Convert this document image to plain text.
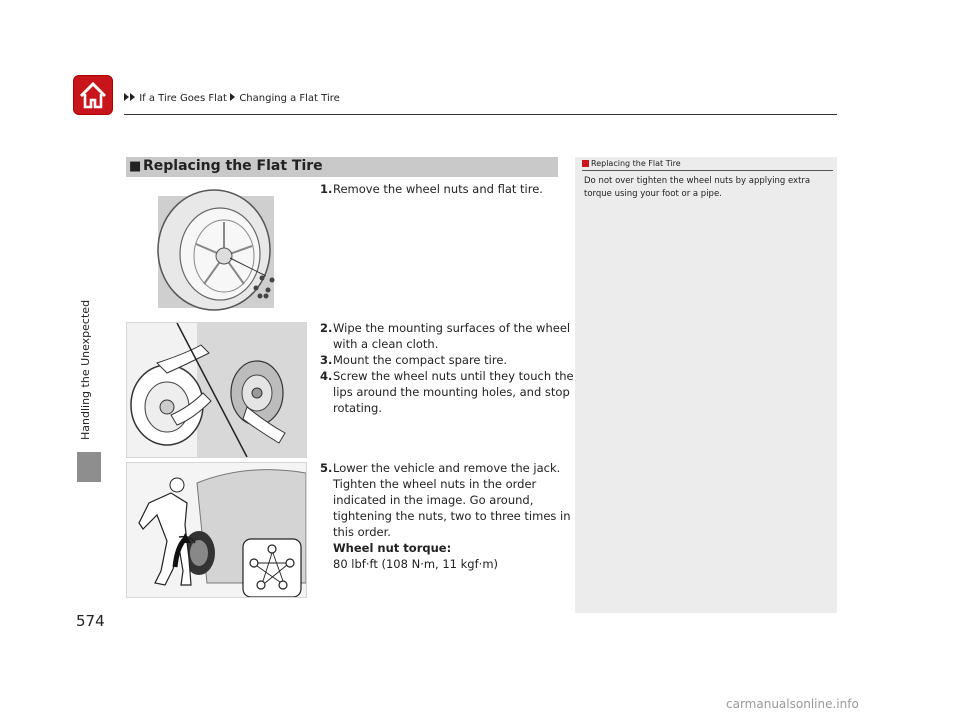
If a Tire Goes Flat Changing a Flat Tire
Handling the Unexpected
574
■ Replacing the Flat Tire
1. Remove the wheel nuts and flat tire.
2. Wipe the mounting surfaces of the wheel
with a clean cloth.
3. Mount the compact spare tire.
4. Screw the wheel nuts until they touch the
lips around the mounting holes, and stop
rotating.
5. Lower the vehicle and remove the jack.
Tighten the wheel nuts in the order
indicated in the image. Go around,
tightening the nuts, two to three times in
this order.
Wheel nut torque:
80 lbf·ft (108 N·m, 11 kgf·m)
Replacing the Flat Tire
Do not over tighten the wheel nuts by applying extra
torque using your foot or a pipe.
carmanualsonline.info
